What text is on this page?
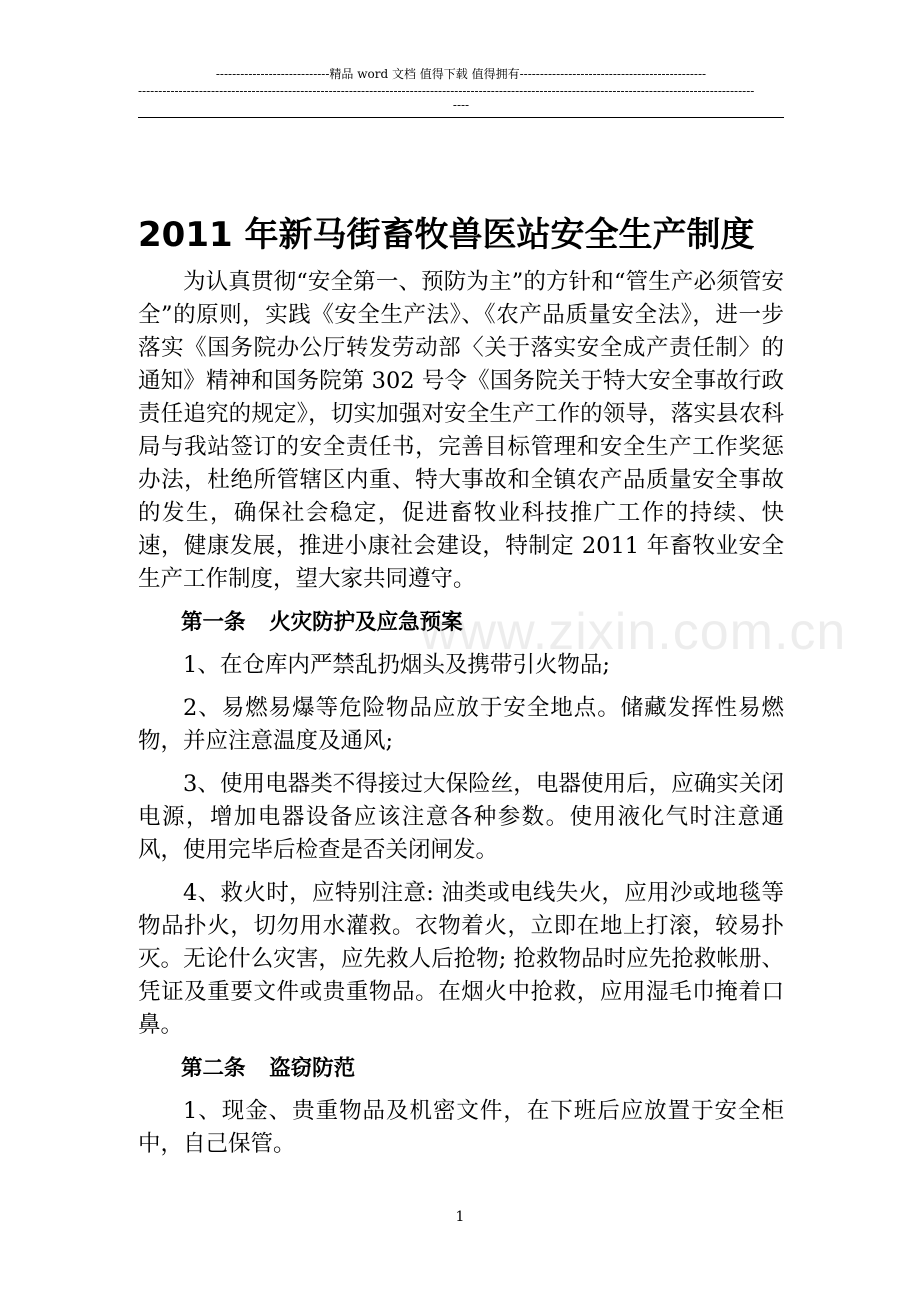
----------------------------精品 word 文档 值得下载 值得拥有----------------------------------------------
--------------------------------------------------------------------------------------------------------------------------------------------------------
----
www.zixin.com.cn
2011 年新马街畜牧兽医站安全生产制度

为认真贯彻“安全第一、预防为主”的方针和“管生产必须管安全”的原则，实践《安全生产法》、《农产品质量安全法》，进一步落实《国务院办公厅转发劳动部〈关于落实安全成产责任制〉的通知》精神和国务院第 302 号令《国务院关于特大安全事故行政责任追究的规定》，切实加强对安全生产工作的领导，落实县农科局与我站签订的安全责任书，完善目标管理和安全生产工作奖惩办法，杜绝所管辖区内重、特大事故和全镇农产品质量安全事故的发生，确保社会稳定，促进畜牧业科技推广工作的持续、快速，健康发展，推进小康社会建设，特制定 2011 年畜牧业安全生产工作制度，望大家共同遵守。

第一条 火灾防护及应急预案

1、在仓库内严禁乱扔烟头及携带引火物品;

2、易燃易爆等危险物品应放于安全地点。储藏发挥性易燃物，并应注意温度及通风;

3、使用电器类不得接过大保险丝，电器使用后，应确实关闭电源，增加电器设备应该注意各种参数。使用液化气时注意通风，使用完毕后检查是否关闭闸发。

4、救火时，应特别注意: 油类或电线失火，应用沙或地毯等物品扑火，切勿用水灌救。衣物着火，立即在地上打滚，较易扑灭。无论什么灾害，应先救人后抢物; 抢救物品时应先抢救帐册、凭证及重要文件或贵重物品。在烟火中抢救，应用湿毛巾掩着口鼻。

第二条 盗窃防范

1、现金、贵重物品及机密文件，在下班后应放置于安全柜中，自己保管。

1
